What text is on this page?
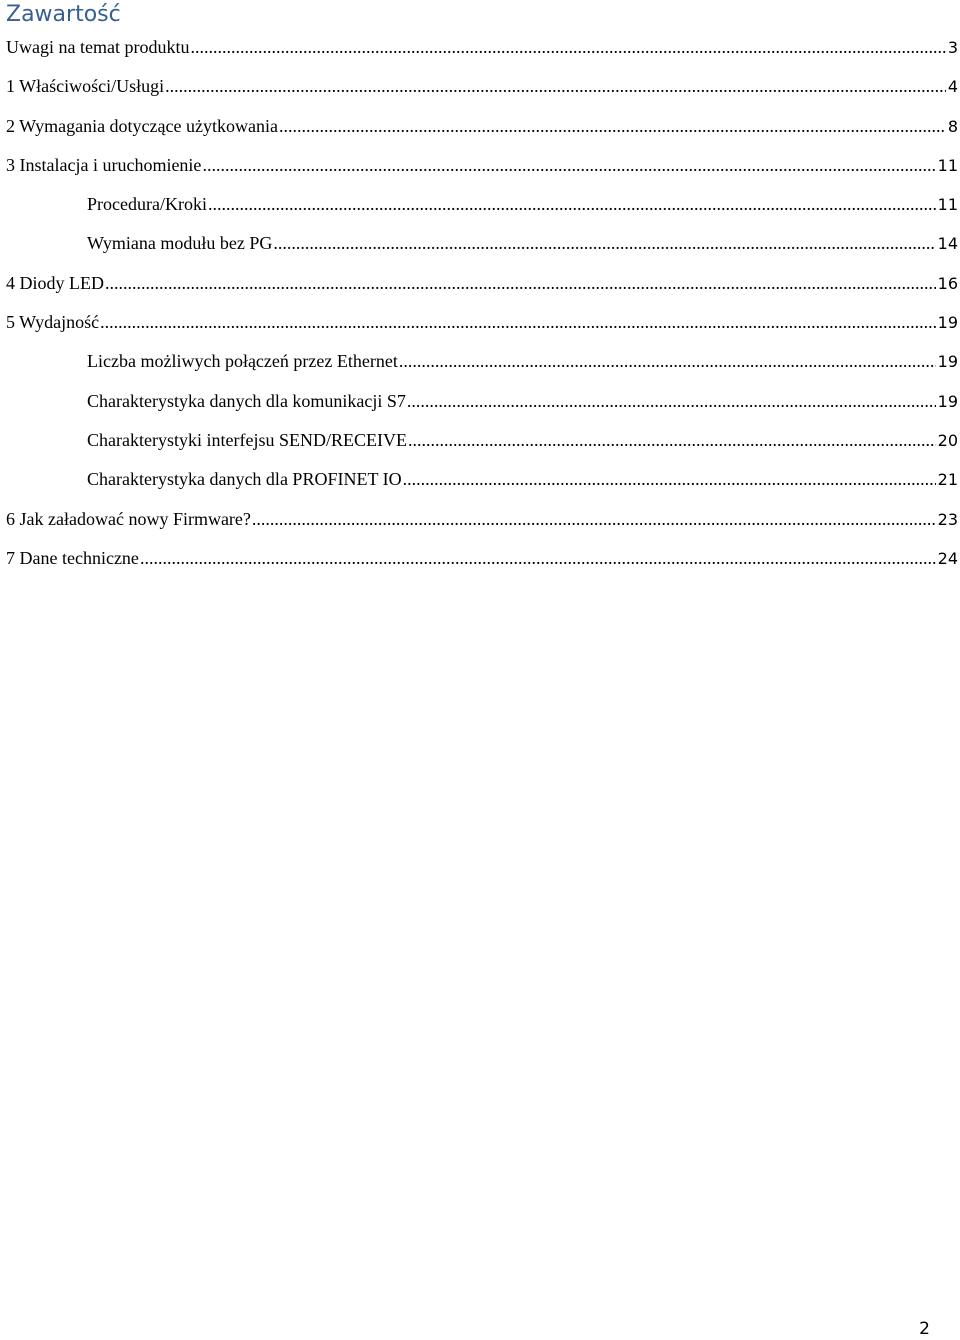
Zawartość
Uwagi na temat produktu .....	3
1 Właściwości/Usługi .....	4
2 Wymagania dotyczące użytkowania .....	8
3 Instalacja i uruchomienie .....	11
Procedura/Kroki .....	11
Wymiana modułu bez PG .....	14
4 Diody LED .....	16
5 Wydajność .....	19
Liczba możliwych połączeń przez Ethernet .....	19
Charakterystyka danych dla komunikacji S7 .....	19
Charakterystyki interfejsu SEND/RECEIVE .....	20
Charakterystyka danych dla PROFINET IO .....	21
6 Jak załadować nowy Firmware? .....	23
7 Dane techniczne .....	24
2
